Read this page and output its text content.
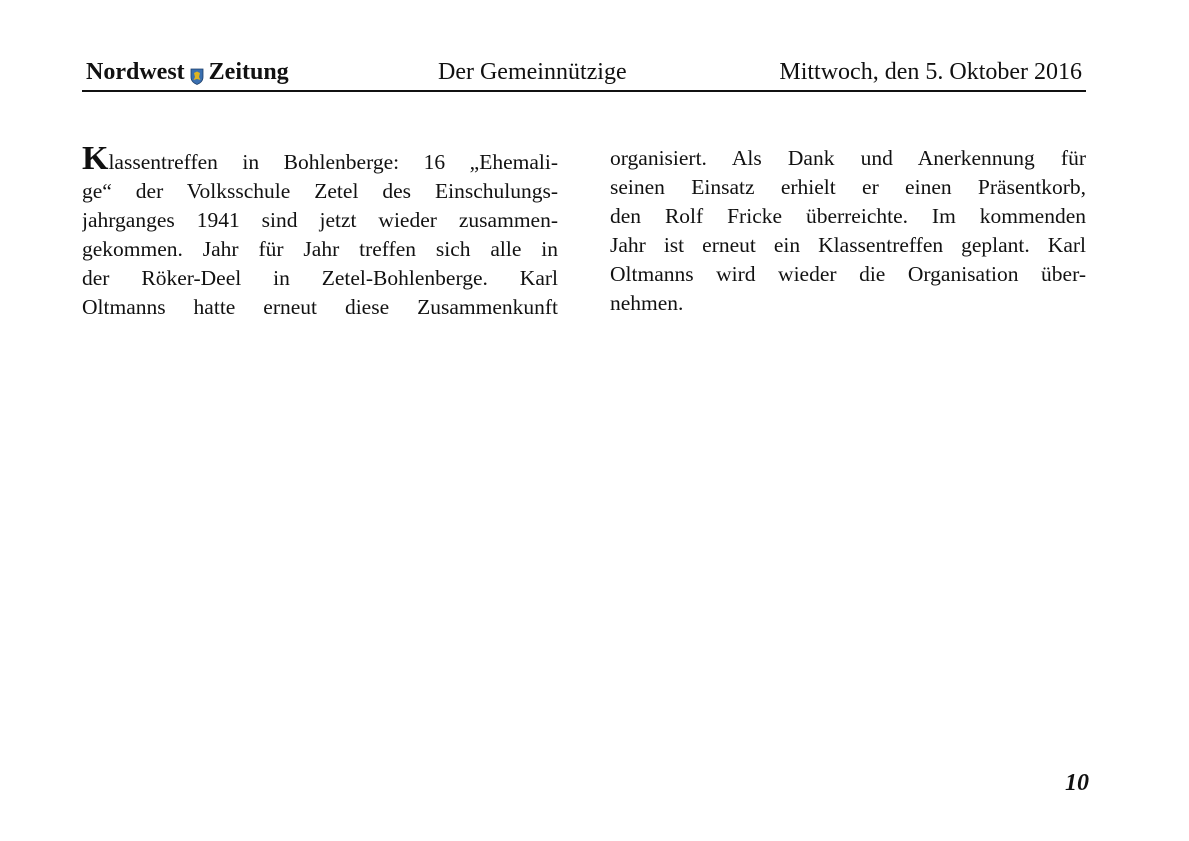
Nordwest Zeitung	Der Gemeinnützige	Mittwoch, den 5. Oktober 2016
Klassentreffen in Bohlenberge: 16 „Ehemali-
ge“ der Volksschule Zetel des Einschulungs-
jahrganges 1941 sind jetzt wieder zusammen-
gekommen. Jahr für Jahr treffen sich alle in
der Röker-Deel in Zetel-Bohlenberge. Karl
Oltmanns hatte erneut diese Zusammenkunft
organisiert. Als Dank und Anerkennung für
seinen Einsatz erhielt er einen Präsentkorb,
den Rolf Fricke überreichte. Im kommenden
Jahr ist erneut ein Klassentreffen geplant. Karl
Oltmanns wird wieder die Organisation über-
nehmen.
10
